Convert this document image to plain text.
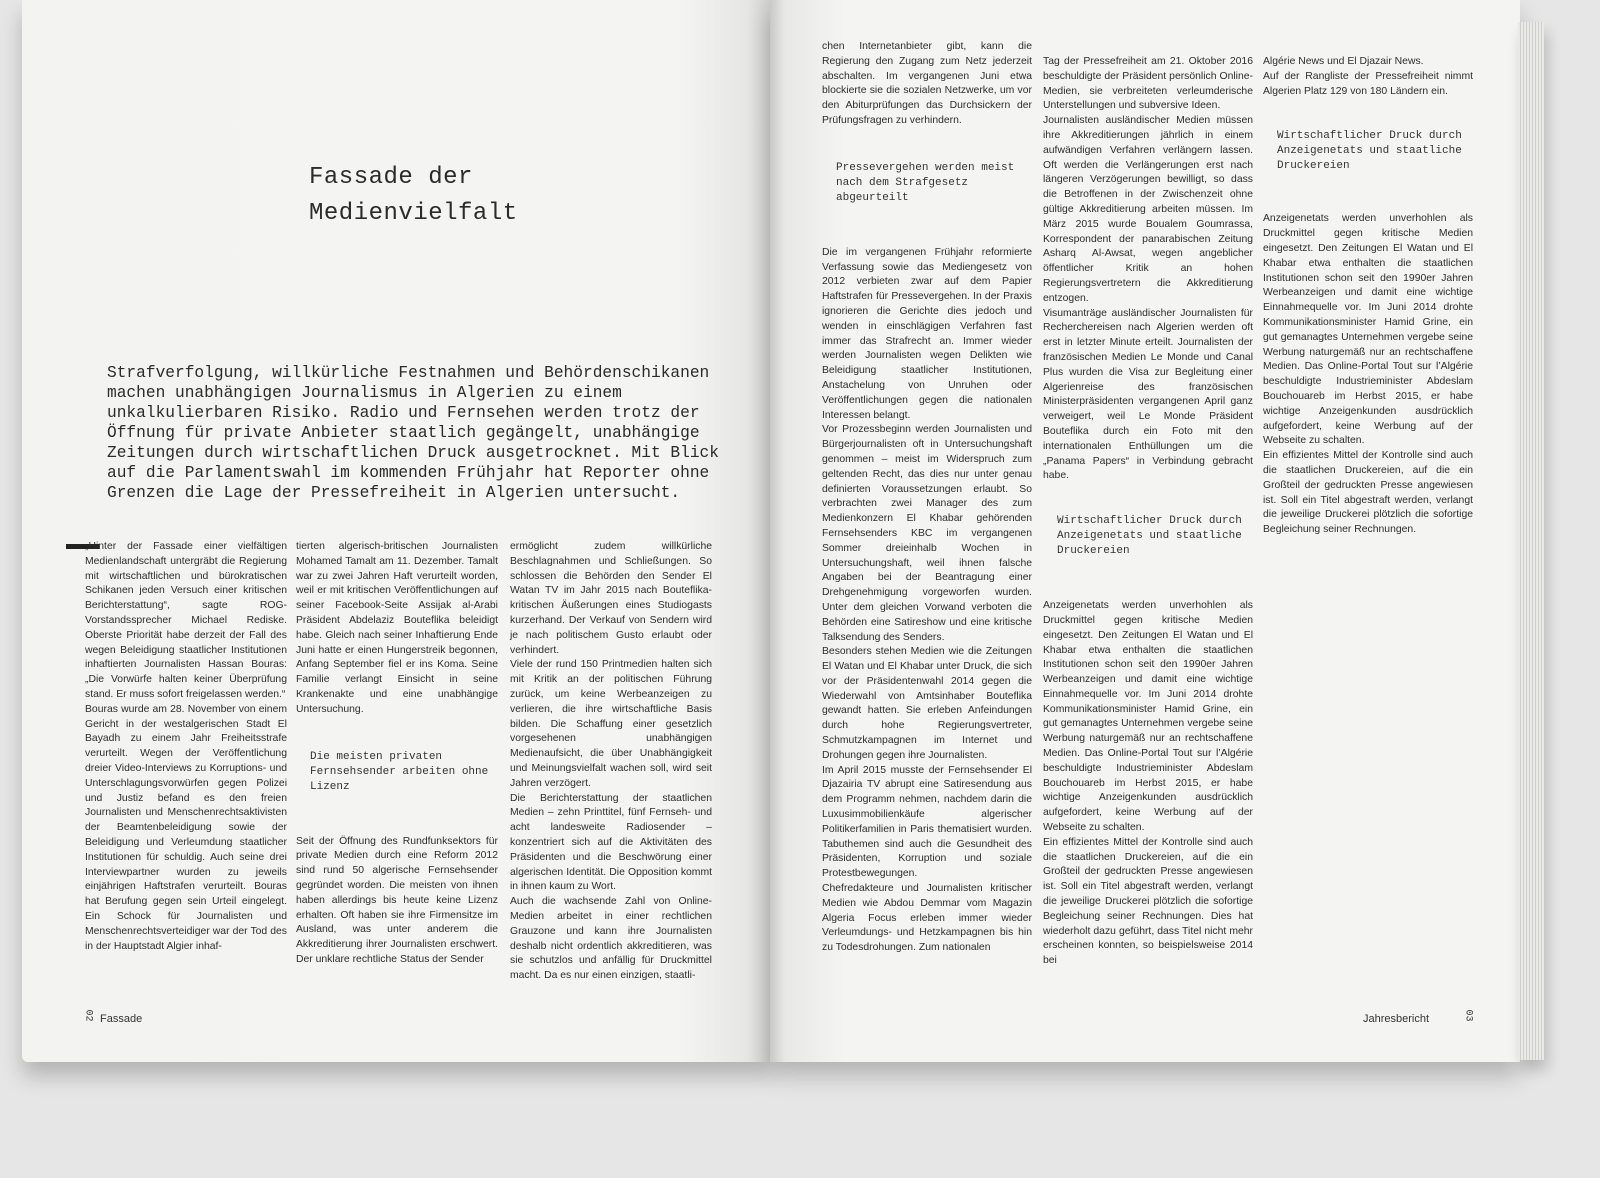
Fassade der
Medienvielfalt

Strafverfolgung, willkürliche Festnahmen und Behördenschikanen machen unabhängigen Journalismus in Algerien zu einem unkalkulierbaren Risiko. Radio und Fernsehen werden trotz der Öffnung für private Anbieter staatlich gegängelt, unabhängige Zeitungen durch wirtschaftlichen Druck ausgetrocknet. Mit Blick auf die Parlamentswahl im kommenden Frühjahr hat Reporter ohne Grenzen die Lage der Pressefreiheit in Algerien untersucht.

„Hinter der Fassade einer vielfältigen Medienlandschaft untergräbt die Regierung mit wirtschaftlichen und bürokratischen Schikanen jeden Versuch einer kritischen Berichterstattung“, sagte ROG-Vorstandssprecher Michael Rediske. Oberste Priorität habe derzeit der Fall des wegen Beleidigung staatlicher Institutionen inhaftierten Journalisten Hassan Bouras: „Die Vorwürfe halten keiner Überprüfung stand. Er muss sofort freigelassen werden.“

Bouras wurde am 28. November von einem Gericht in der westalgerischen Stadt El Bayadh zu einem Jahr Freiheitsstrafe verurteilt. Wegen der Veröffentlichung dreier Video-Interviews zu Korruptions- und Unterschlagungsvorwürfen gegen Polizei und Justiz befand es den freien Journalisten und Menschenrechtsaktivisten der Beamtenbeleidigung sowie der Beleidigung und Verleumdung staatlicher Institutionen für schuldig. Auch seine drei Interviewpartner wurden zu jeweils einjährigen Haftstrafen verurteilt. Bouras hat Berufung gegen sein Urteil eingelegt. Ein Schock für Journalisten und Menschenrechtsverteidiger war der Tod des in der Hauptstadt Algier inhaf-

tierten algerisch-britischen Journalisten Mohamed Tamalt am 11. Dezember. Tamalt war zu zwei Jahren Haft verurteilt worden, weil er mit kritischen Veröffentlichungen auf seiner Facebook-Seite Assijak al-Arabi Präsident Abdelaziz Bouteflika beleidigt habe. Gleich nach seiner Inhaftierung Ende Juni hatte er einen Hungerstreik begonnen, Anfang September fiel er ins Koma. Seine Familie verlangt Einsicht in seine Krankenakte und eine unabhängige Untersuchung.

Die meisten privaten Fernsehsender arbeiten ohne Lizenz

Seit der Öffnung des Rundfunksektors für private Medien durch eine Reform 2012 sind rund 50 algerische Fernsehsender gegründet worden. Die meisten von ihnen haben allerdings bis heute keine Lizenz erhalten. Oft haben sie ihre Firmensitze im Ausland, was unter anderem die Akkreditierung ihrer Journalisten erschwert. Der unklare rechtliche Status der Sender

ermöglicht zudem willkürliche Beschlagnahmen und Schließungen. So schlossen die Behörden den Sender El Watan TV im Jahr 2015 nach Bouteflika-kritischen Äußerungen eines Studiogasts kurzerhand. Der Verkauf von Sendern wird je nach politischem Gusto erlaubt oder verhindert.

Viele der rund 150 Printmedien halten sich mit Kritik an der politischen Führung zurück, um keine Werbeanzeigen zu verlieren, die ihre wirtschaftliche Basis bilden. Die Schaffung einer gesetzlich vorgesehenen unabhängigen Medienaufsicht, die über Unabhängigkeit und Meinungsvielfalt wachen soll, wird seit Jahren verzögert.

Die Berichterstattung der staatlichen Medien – zehn Printtitel, fünf Fernseh- und acht landesweite Radiosender – konzentriert sich auf die Aktivitäten des Präsidenten und die Beschwörung einer algerischen Identität. Die Opposition kommt in ihnen kaum zu Wort.

Auch die wachsende Zahl von Online-Medien arbeitet in einer rechtlichen Grauzone und kann ihre Journalisten deshalb nicht ordentlich akkreditieren, was sie schutzlos und anfällig für Druckmittel macht. Da es nur einen einzigen, staatli-

02 Fassade

chen Internetanbieter gibt, kann die Regierung den Zugang zum Netz jederzeit abschalten. Im vergangenen Juni etwa blockierte sie die sozialen Netzwerke, um vor den Abiturprüfungen das Durchsickern der Prüfungsfragen zu verhindern.

Pressevergehen werden meist nach dem Strafgesetz abgeurteilt

Die im vergangenen Frühjahr reformierte Verfassung sowie das Mediengesetz von 2012 verbieten zwar auf dem Papier Haftstrafen für Pressevergehen. In der Praxis ignorieren die Gerichte dies jedoch und wenden in einschlägigen Verfahren fast immer das Strafrecht an. Immer wieder werden Journalisten wegen Delikten wie Beleidigung staatlicher Institutionen, Anstachelung von Unruhen oder Veröffentlichungen gegen die nationalen Interessen belangt.

Vor Prozessbeginn werden Journalisten und Bürgerjournalisten oft in Untersuchungshaft genommen – meist im Widerspruch zum geltenden Recht, das dies nur unter genau definierten Voraussetzungen erlaubt. So verbrachten zwei Manager des zum Medienkonzern El Khabar gehörenden Fernsehsenders KBC im vergangenen Sommer dreieinhalb Wochen in Untersuchungshaft, weil ihnen falsche Angaben bei der Beantragung einer Drehgenehmigung vorgeworfen wurden. Unter dem gleichen Vorwand verboten die Behörden eine Satireshow und eine kritische Talksendung des Senders.

Besonders stehen Medien wie die Zeitungen El Watan und El Khabar unter Druck, die sich vor der Präsidentenwahl 2014 gegen die Wiederwahl von Amtsinhaber Bouteflika gewandt hatten. Sie erleben Anfeindungen durch hohe Regierungsvertreter, Schmutzkampagnen im Internet und Drohungen gegen ihre Journalisten.

Im April 2015 musste der Fernsehsender El Djazairia TV abrupt eine Satiresendung aus dem Programm nehmen, nachdem darin die Luxusimmobilienkäufe algerischer Politikerfamilien in Paris thematisiert wurden. Tabuthemen sind auch die Gesundheit des Präsidenten, Korruption und soziale Protestbewegungen.

Chefredakteure und Journalisten kritischer Medien wie Abdou Demmar vom Magazin Algeria Focus erleben immer wieder Verleumdungs- und Hetzkampagnen bis hin zu Todesdrohungen. Zum nationalen

Tag der Pressefreiheit am 21. Oktober 2016 beschuldigte der Präsident persönlich Online-Medien, sie verbreiteten verleumderische Unterstellungen und subversive Ideen.

Journalisten ausländischer Medien müssen ihre Akkreditierungen jährlich in einem aufwändigen Verfahren verlängern lassen. Oft werden die Verlängerungen erst nach längeren Verzögerungen bewilligt, so dass die Betroffenen in der Zwischenzeit ohne gültige Akkreditierung arbeiten müssen. Im März 2015 wurde Boualem Goumrassa, Korrespondent der panarabischen Zeitung Asharq Al-Awsat, wegen angeblicher öffentlicher Kritik an hohen Regierungsvertretern die Akkreditierung entzogen.

Visumanträge ausländischer Journalisten für Recherchereisen nach Algerien werden oft erst in letzter Minute erteilt. Journalisten der französischen Medien Le Monde und Canal Plus wurden die Visa zur Begleitung einer Algerienreise des französischen Ministerpräsidenten vergangenen April ganz verweigert, weil Le Monde Präsident Bouteflika durch ein Foto mit den internationalen Enthüllungen um die „Panama Papers“ in Verbindung gebracht habe.

Wirtschaftlicher Druck durch Anzeigenetats und staatliche Druckereien

Anzeigenetats werden unverhohlen als Druckmittel gegen kritische Medien eingesetzt. Den Zeitungen El Watan und El Khabar etwa enthalten die staatlichen Institutionen schon seit den 1990er Jahren Werbeanzeigen und damit eine wichtige Einnahmequelle vor. Im Juni 2014 drohte Kommunikationsminister Hamid Grine, ein gut gemanagtes Unternehmen vergebe seine Werbung naturgemäß nur an rechtschaffene Medien. Das Online-Portal Tout sur l’Algérie beschuldigte Industrieminister Abdeslam Bouchouareb im Herbst 2015, er habe wichtige Anzeigenkunden ausdrücklich aufgefordert, keine Werbung auf der Webseite zu schalten.

Ein effizientes Mittel der Kontrolle sind auch die staatlichen Druckereien, auf die ein Großteil der gedruckten Presse angewiesen ist. Soll ein Titel abgestraft werden, verlangt die jeweilige Druckerei plötzlich die sofortige Begleichung seiner Rechnungen. Dies hat wiederholt dazu geführt, dass Titel nicht mehr erscheinen konnten, so beispielsweise 2014 bei

Algérie News und El Djazair News.

Auf der Rangliste der Pressefreiheit nimmt Algerien Platz 129 von 180 Ländern ein.

Wirtschaftlicher Druck durch Anzeigenetats und staatliche Druckereien

Anzeigenetats werden unverhohlen als Druckmittel gegen kritische Medien eingesetzt. Den Zeitungen El Watan und El Khabar etwa enthalten die staatlichen Institutionen schon seit den 1990er Jahren Werbeanzeigen und damit eine wichtige Einnahmequelle vor. Im Juni 2014 drohte Kommunikationsminister Hamid Grine, ein gut gemanagtes Unternehmen vergebe seine Werbung naturgemäß nur an rechtschaffene Medien. Das Online-Portal Tout sur l’Algérie beschuldigte Industrieminister Abdeslam Bouchouareb im Herbst 2015, er habe wichtige Anzeigenkunden ausdrücklich aufgefordert, keine Werbung auf der Webseite zu schalten.

Ein effizientes Mittel der Kontrolle sind auch die staatlichen Druckereien, auf die ein Großteil der gedruckten Presse angewiesen ist. Soll ein Titel abgestraft werden, verlangt die jeweilige Druckerei plötzlich die sofortige Begleichung seiner Rechnungen.

Jahresbericht	03
